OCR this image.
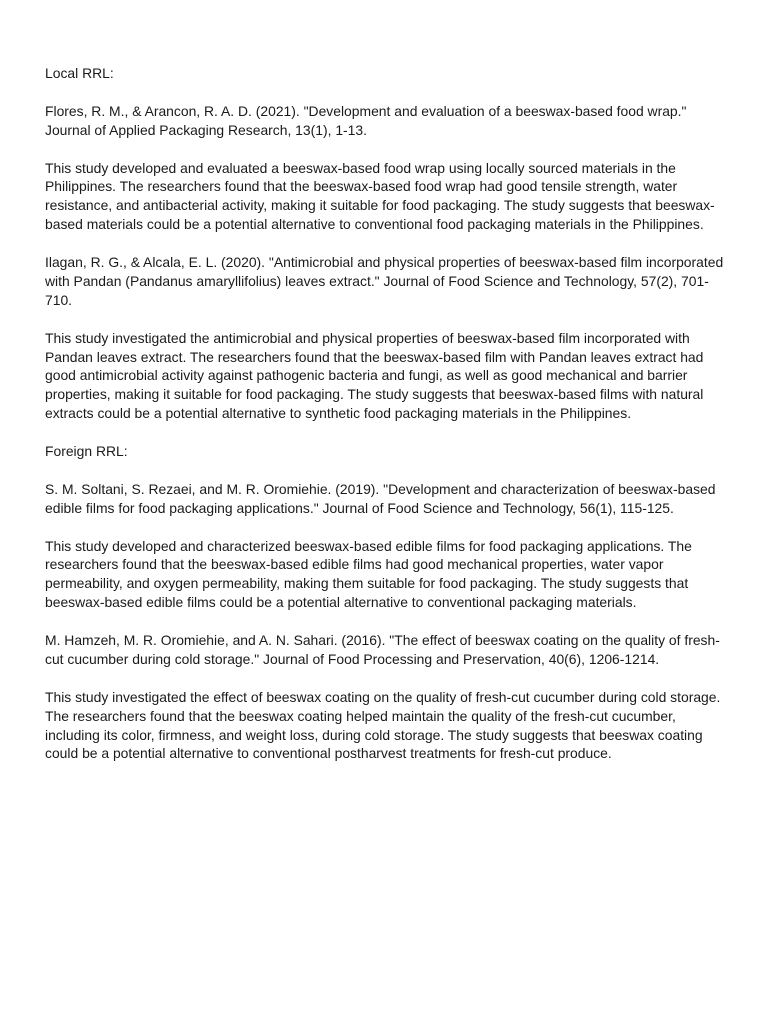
Local RRL:

Flores, R. M., & Arancon, R. A. D. (2021). "Development and evaluation of a beeswax-based food wrap." Journal of Applied Packaging Research, 13(1), 1-13.

This study developed and evaluated a beeswax-based food wrap using locally sourced materials in the Philippines. The researchers found that the beeswax-based food wrap had good tensile strength, water resistance, and antibacterial activity, making it suitable for food packaging. The study suggests that beeswax-based materials could be a potential alternative to conventional food packaging materials in the Philippines.

Ilagan, R. G., & Alcala, E. L. (2020). "Antimicrobial and physical properties of beeswax-based film incorporated with Pandan (Pandanus amaryllifolius) leaves extract." Journal of Food Science and Technology, 57(2), 701-710.

This study investigated the antimicrobial and physical properties of beeswax-based film incorporated with Pandan leaves extract. The researchers found that the beeswax-based film with Pandan leaves extract had good antimicrobial activity against pathogenic bacteria and fungi, as well as good mechanical and barrier properties, making it suitable for food packaging. The study suggests that beeswax-based films with natural extracts could be a potential alternative to synthetic food packaging materials in the Philippines.

Foreign RRL:

S. M. Soltani, S. Rezaei, and M. R. Oromiehie. (2019). "Development and characterization of beeswax-based edible films for food packaging applications." Journal of Food Science and Technology, 56(1), 115-125.

This study developed and characterized beeswax-based edible films for food packaging applications. The researchers found that the beeswax-based edible films had good mechanical properties, water vapor permeability, and oxygen permeability, making them suitable for food packaging. The study suggests that beeswax-based edible films could be a potential alternative to conventional packaging materials.

M. Hamzeh, M. R. Oromiehie, and A. N. Sahari. (2016). "The effect of beeswax coating on the quality of fresh-cut cucumber during cold storage." Journal of Food Processing and Preservation, 40(6), 1206-1214.

This study investigated the effect of beeswax coating on the quality of fresh-cut cucumber during cold storage. The researchers found that the beeswax coating helped maintain the quality of the fresh-cut cucumber, including its color, firmness, and weight loss, during cold storage. The study suggests that beeswax coating could be a potential alternative to conventional postharvest treatments for fresh-cut produce.
